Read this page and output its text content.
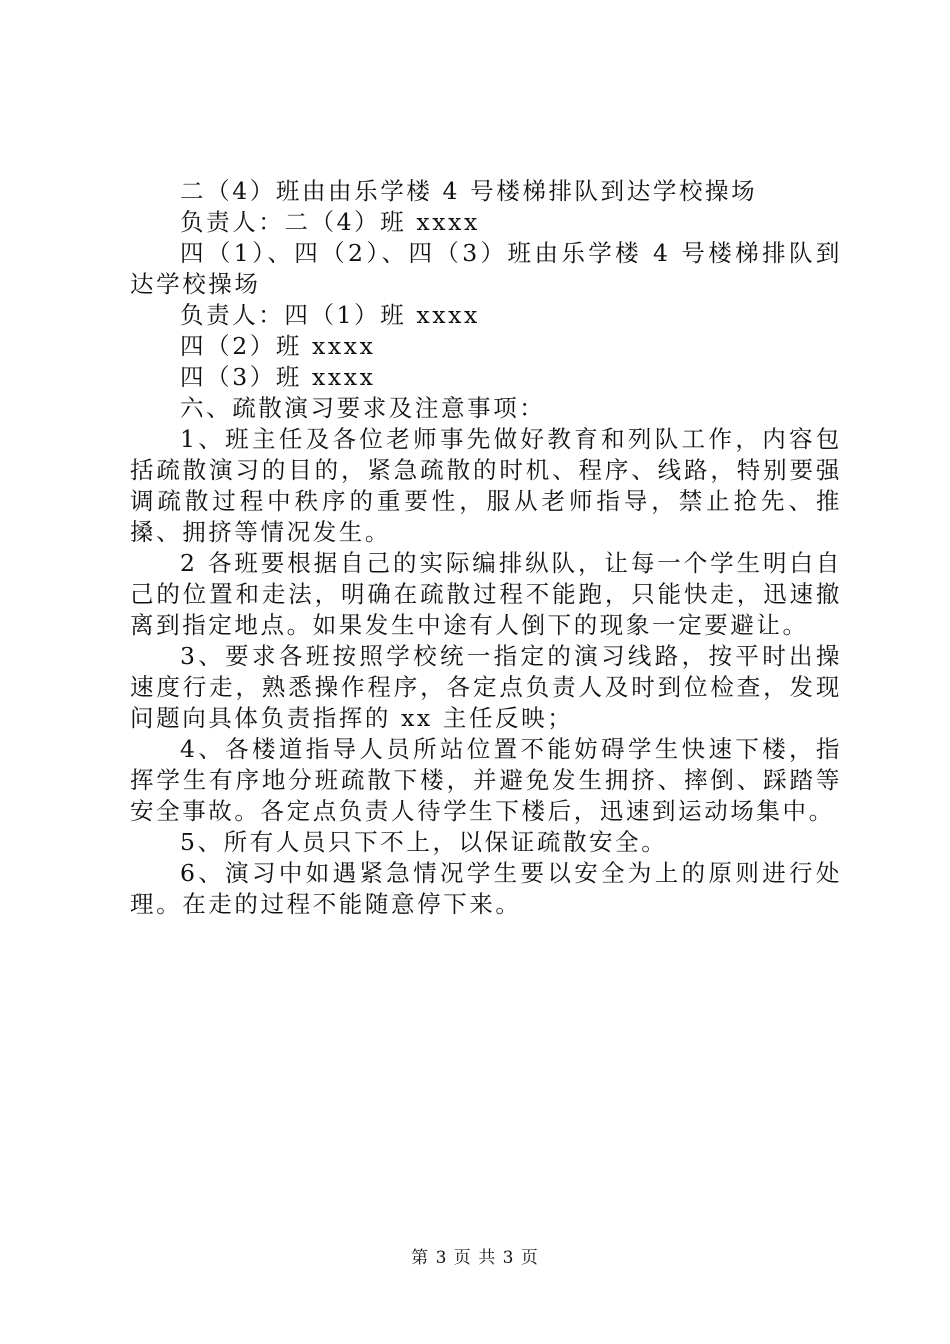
二（4）班由由乐学楼 4 号楼梯排队到达学校操场

负责人：二（4）班 xxxx

四（1）、四（2）、四（3）班由乐学楼 4 号楼梯排队到达学校操场

负责人：四（1）班 xxxx

四（2）班 xxxx

四（3）班 xxxx

六、疏散演习要求及注意事项：

1、班主任及各位老师事先做好教育和列队工作，内容包括疏散演习的目的，紧急疏散的时机、程序、线路，特别要强调疏散过程中秩序的重要性，服从老师指导，禁止抢先、推搡、拥挤等情况发生。

2 各班要根据自己的实际编排纵队，让每一个学生明白自己的位置和走法，明确在疏散过程不能跑，只能快走，迅速撤离到指定地点。如果发生中途有人倒下的现象一定要避让。

3、要求各班按照学校统一指定的演习线路，按平时出操速度行走，熟悉操作程序，各定点负责人及时到位检查，发现问题向具体负责指挥的 xx 主任反映；

4、各楼道指导人员所站位置不能妨碍学生快速下楼，指挥学生有序地分班疏散下楼，并避免发生拥挤、摔倒、踩踏等安全事故。各定点负责人待学生下楼后，迅速到运动场集中。

5、所有人员只下不上，以保证疏散安全。

6、演习中如遇紧急情况学生要以安全为上的原则进行处理。在走的过程不能随意停下来。

第 3 页 共 3 页
